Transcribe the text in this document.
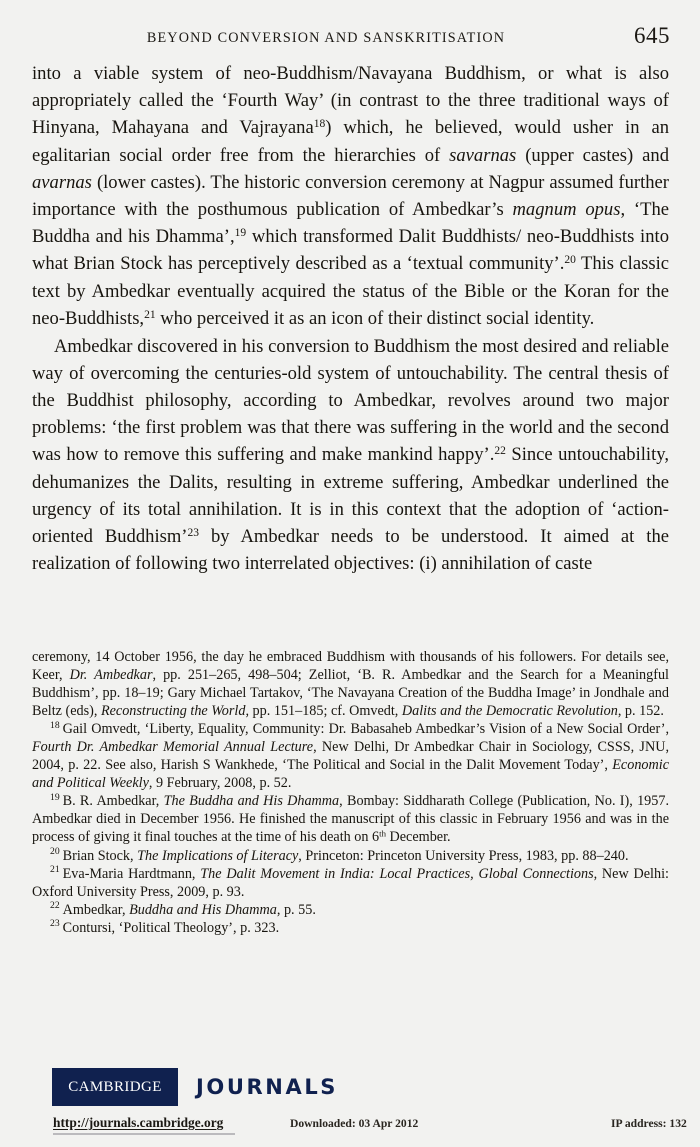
BEYOND CONVERSION AND SANSKRITISATION	645

into a viable system of neo-Buddhism/Navayana Buddhism, or what is also appropriately called the ‘Fourth Way’ (in contrast to the three traditional ways of Hinyana, Mahayana and Vajrayana$^{18}$) which, he believed, would usher in an egalitarian social order free from the hierarchies of savarnas (upper castes) and avarnas (lower castes). The historic conversion ceremony at Nagpur assumed further importance with the posthumous publication of Ambedkar’s magnum opus, ‘The Buddha and his Dhamma’,$^{19}$ which transformed Dalit Buddhists/ neo-Buddhists into what Brian Stock has perceptively described as a ‘textual community’.$^{20}$ This classic text by Ambedkar eventually acquired the status of the Bible or the Koran for the neo-Buddhists,$^{21}$ who perceived it as an icon of their distinct social identity.

Ambedkar discovered in his conversion to Buddhism the most desired and reliable way of overcoming the centuries-old system of untouchability. The central thesis of the Buddhist philosophy, according to Ambedkar, revolves around two major problems: ‘the first problem was that there was suffering in the world and the second was how to remove this suffering and make mankind happy’.$^{22}$ Since untouchability, dehumanizes the Dalits, resulting in extreme suffering, Ambedkar underlined the urgency of its total annihilation. It is in this context that the adoption of ‘action-oriented Buddhism’$^{23}$ by Ambedkar needs to be understood. It aimed at the realization of following two interrelated objectives: (i) annihilation of caste

ceremony, 14 October 1956, the day he embraced Buddhism with thousands of his followers. For details see, Keer, Dr. Ambedkar, pp. 251–265, 498–504; Zelliot, ‘B. R. Ambedkar and the Search for a Meaningful Buddhism’, pp. 18–19; Gary Michael Tartakov, ‘The Navayana Creation of the Buddha Image’ in Jondhale and Beltz (eds), Reconstructing the World, pp. 151–185; cf. Omvedt, Dalits and the Democratic Revolution, p. 152.

$^{18}$ Gail Omvedt, ‘Liberty, Equality, Community: Dr. Babasaheb Ambedkar’s Vision of a New Social Order’, Fourth Dr. Ambedkar Memorial Annual Lecture, New Delhi, Dr Ambedkar Chair in Sociology, CSSS, JNU, 2004, p. 22. See also, Harish S Wankhede, ‘The Political and Social in the Dalit Movement Today’, Economic and Political Weekly, 9 February, 2008, p. 52.

$^{19}$ B. R. Ambedkar, The Buddha and His Dhamma, Bombay: Siddharath College (Publication, No. I), 1957. Ambedkar died in December 1956. He finished the manuscript of this classic in February 1956 and was in the process of giving it final touches at the time of his death on 6th December.

$^{20}$ Brian Stock, The Implications of Literacy, Princeton: Princeton University Press, 1983, pp. 88–240.

$^{21}$ Eva-Maria Hardtmann, The Dalit Movement in India: Local Practices, Global Connections, New Delhi: Oxford University Press, 2009, p. 93.

$^{22}$ Ambedkar, Buddha and His Dhamma, p. 55.

$^{23}$ Contursi, ‘Political Theology’, p. 323.

CAMBRIDGE JOURNALS
http://journals.cambridge.org	Downloaded: 03 Apr 2012	IP address: 132
